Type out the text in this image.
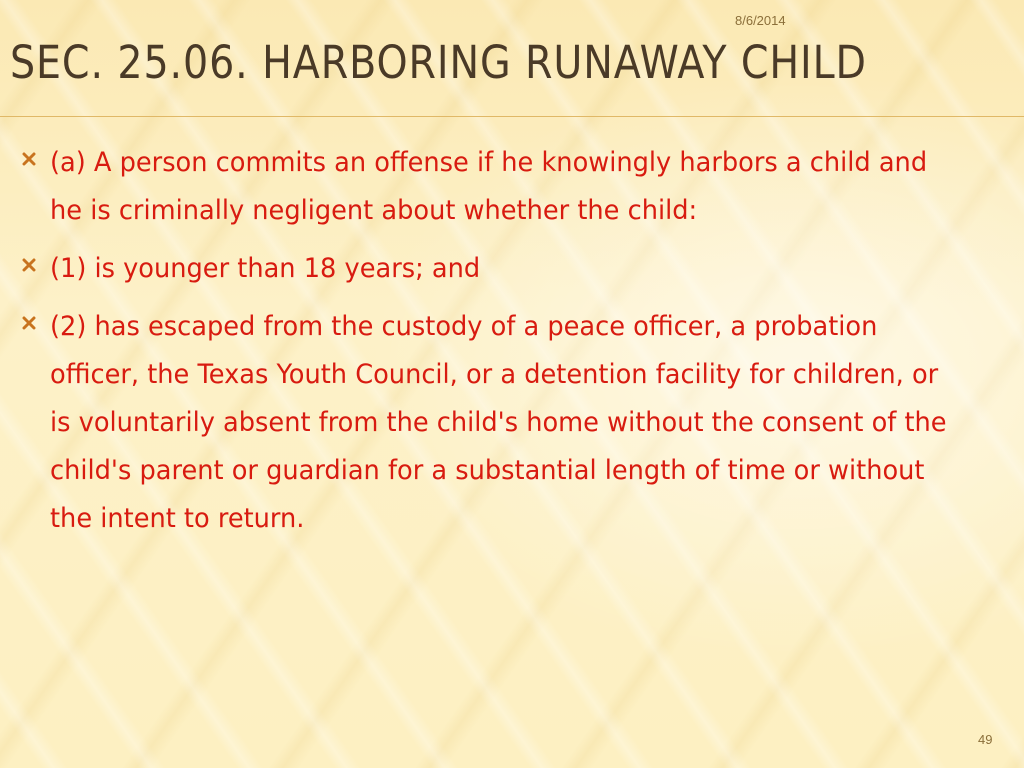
8/6/2014
SEC. 25.06. HARBORING RUNAWAY CHILD
(a) A person commits an offense if he knowingly harbors a child and he is criminally negligent about whether the child:
(1) is younger than 18 years; and
(2) has escaped from the custody of a peace officer, a probation officer, the Texas Youth Council, or a detention facility for children, or is voluntarily absent from the child's home without the consent of the child's parent or guardian for a substantial length of time or without the intent to return.
49
